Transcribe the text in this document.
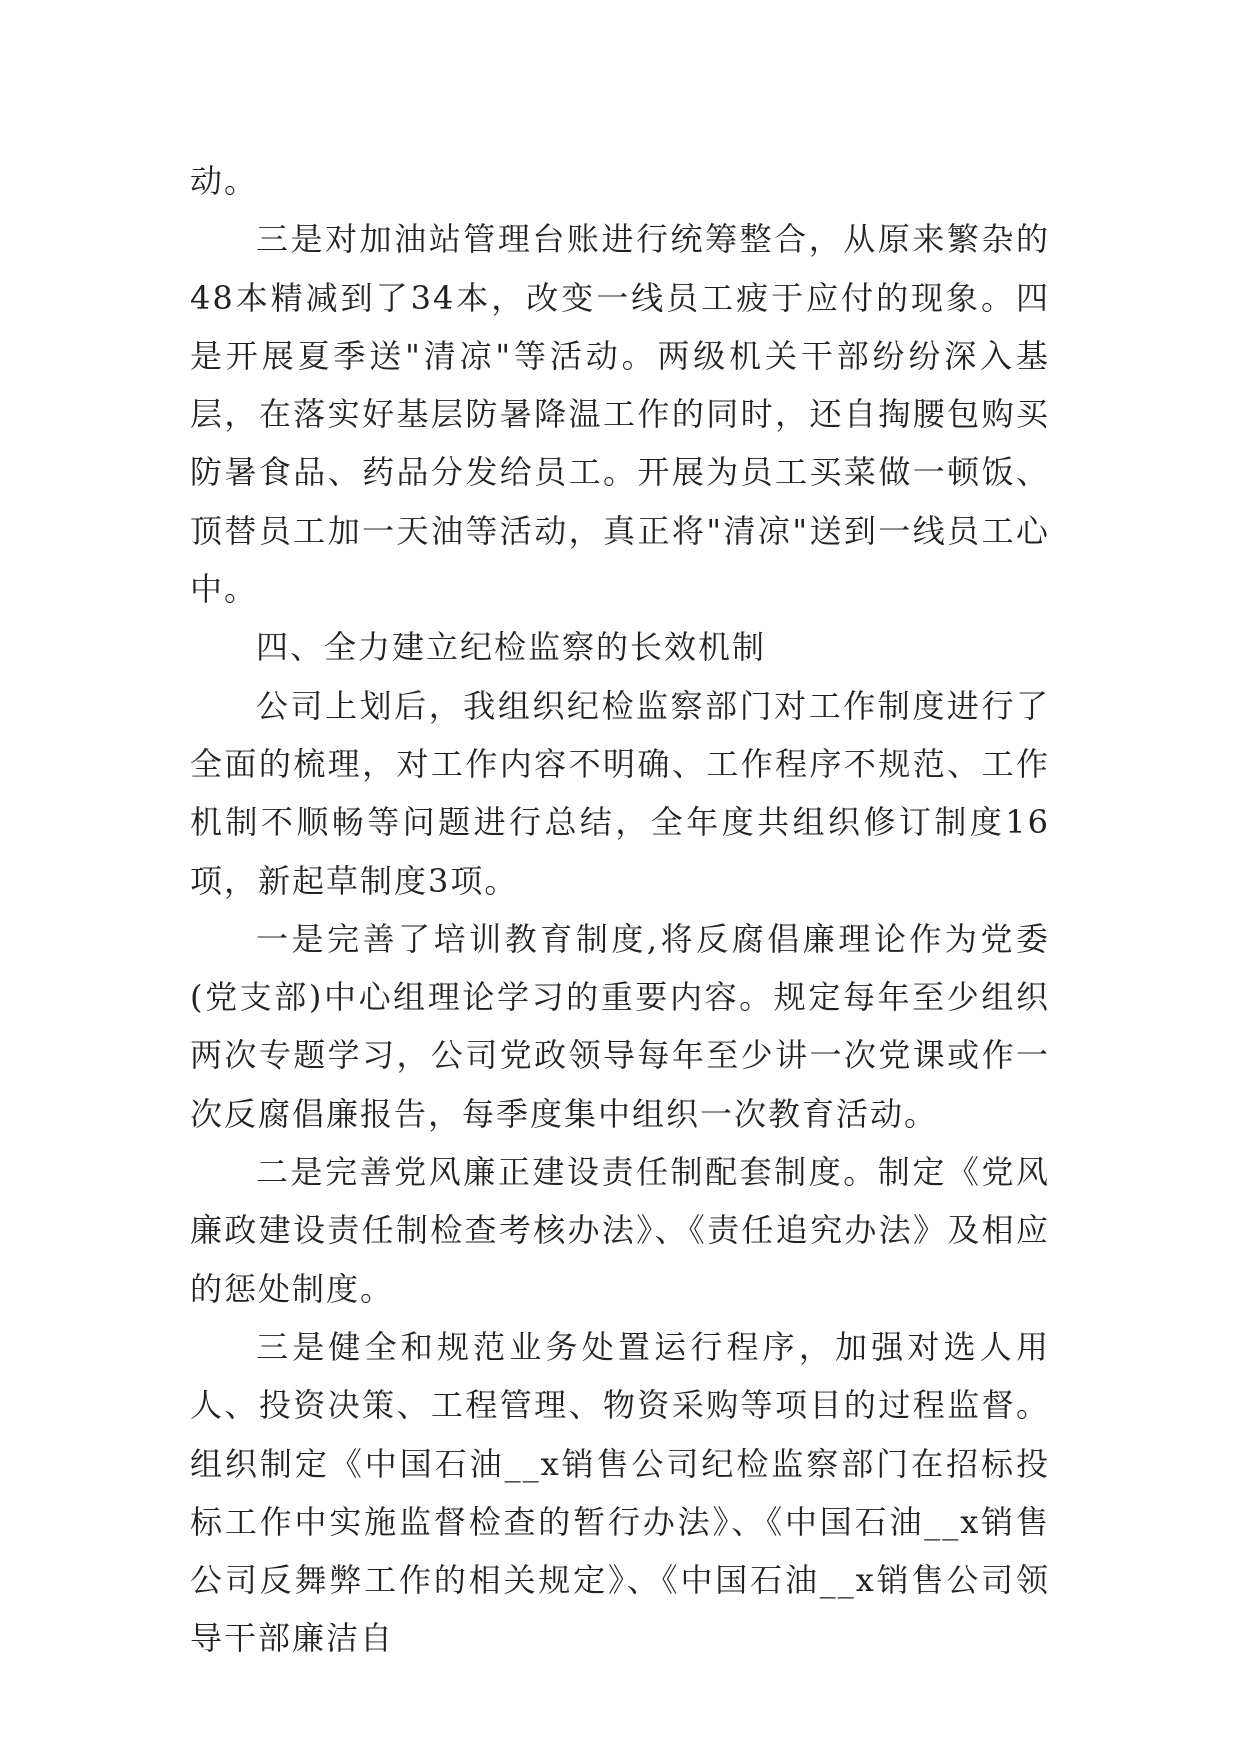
动。

三是对加油站管理台账进行统筹整合，从原来繁杂的48本精减到了34本，改变一线员工疲于应付的现象。四是开展夏季送"清凉"等活动。两级机关干部纷纷深入基层，在落实好基层防暑降温工作的同时，还自掏腰包购买防暑食品、药品分发给员工。开展为员工买菜做一顿饭、顶替员工加一天油等活动，真正将"清凉"送到一线员工心中。

四、全力建立纪检监察的长效机制

公司上划后，我组织纪检监察部门对工作制度进行了全面的梳理，对工作内容不明确、工作程序不规范、工作机制不顺畅等问题进行总结，全年度共组织修订制度16项，新起草制度3项。

一是完善了培训教育制度,将反腐倡廉理论作为党委(党支部)中心组理论学习的重要内容。规定每年至少组织两次专题学习，公司党政领导每年至少讲一次党课或作一次反腐倡廉报告，每季度集中组织一次教育活动。

二是完善党风廉正建设责任制配套制度。制定《党风廉政建设责任制检查考核办法》、《责任追究办法》及相应的惩处制度。

三是健全和规范业务处置运行程序，加强对选人用人、投资决策、工程管理、物资采购等项目的过程监督。组织制定《中国石油__x销售公司纪检监察部门在招标投标工作中实施监督检查的暂行办法》、《中国石油__x销售公司反舞弊工作的相关规定》、《中国石油__x销售公司领导干部廉洁自
